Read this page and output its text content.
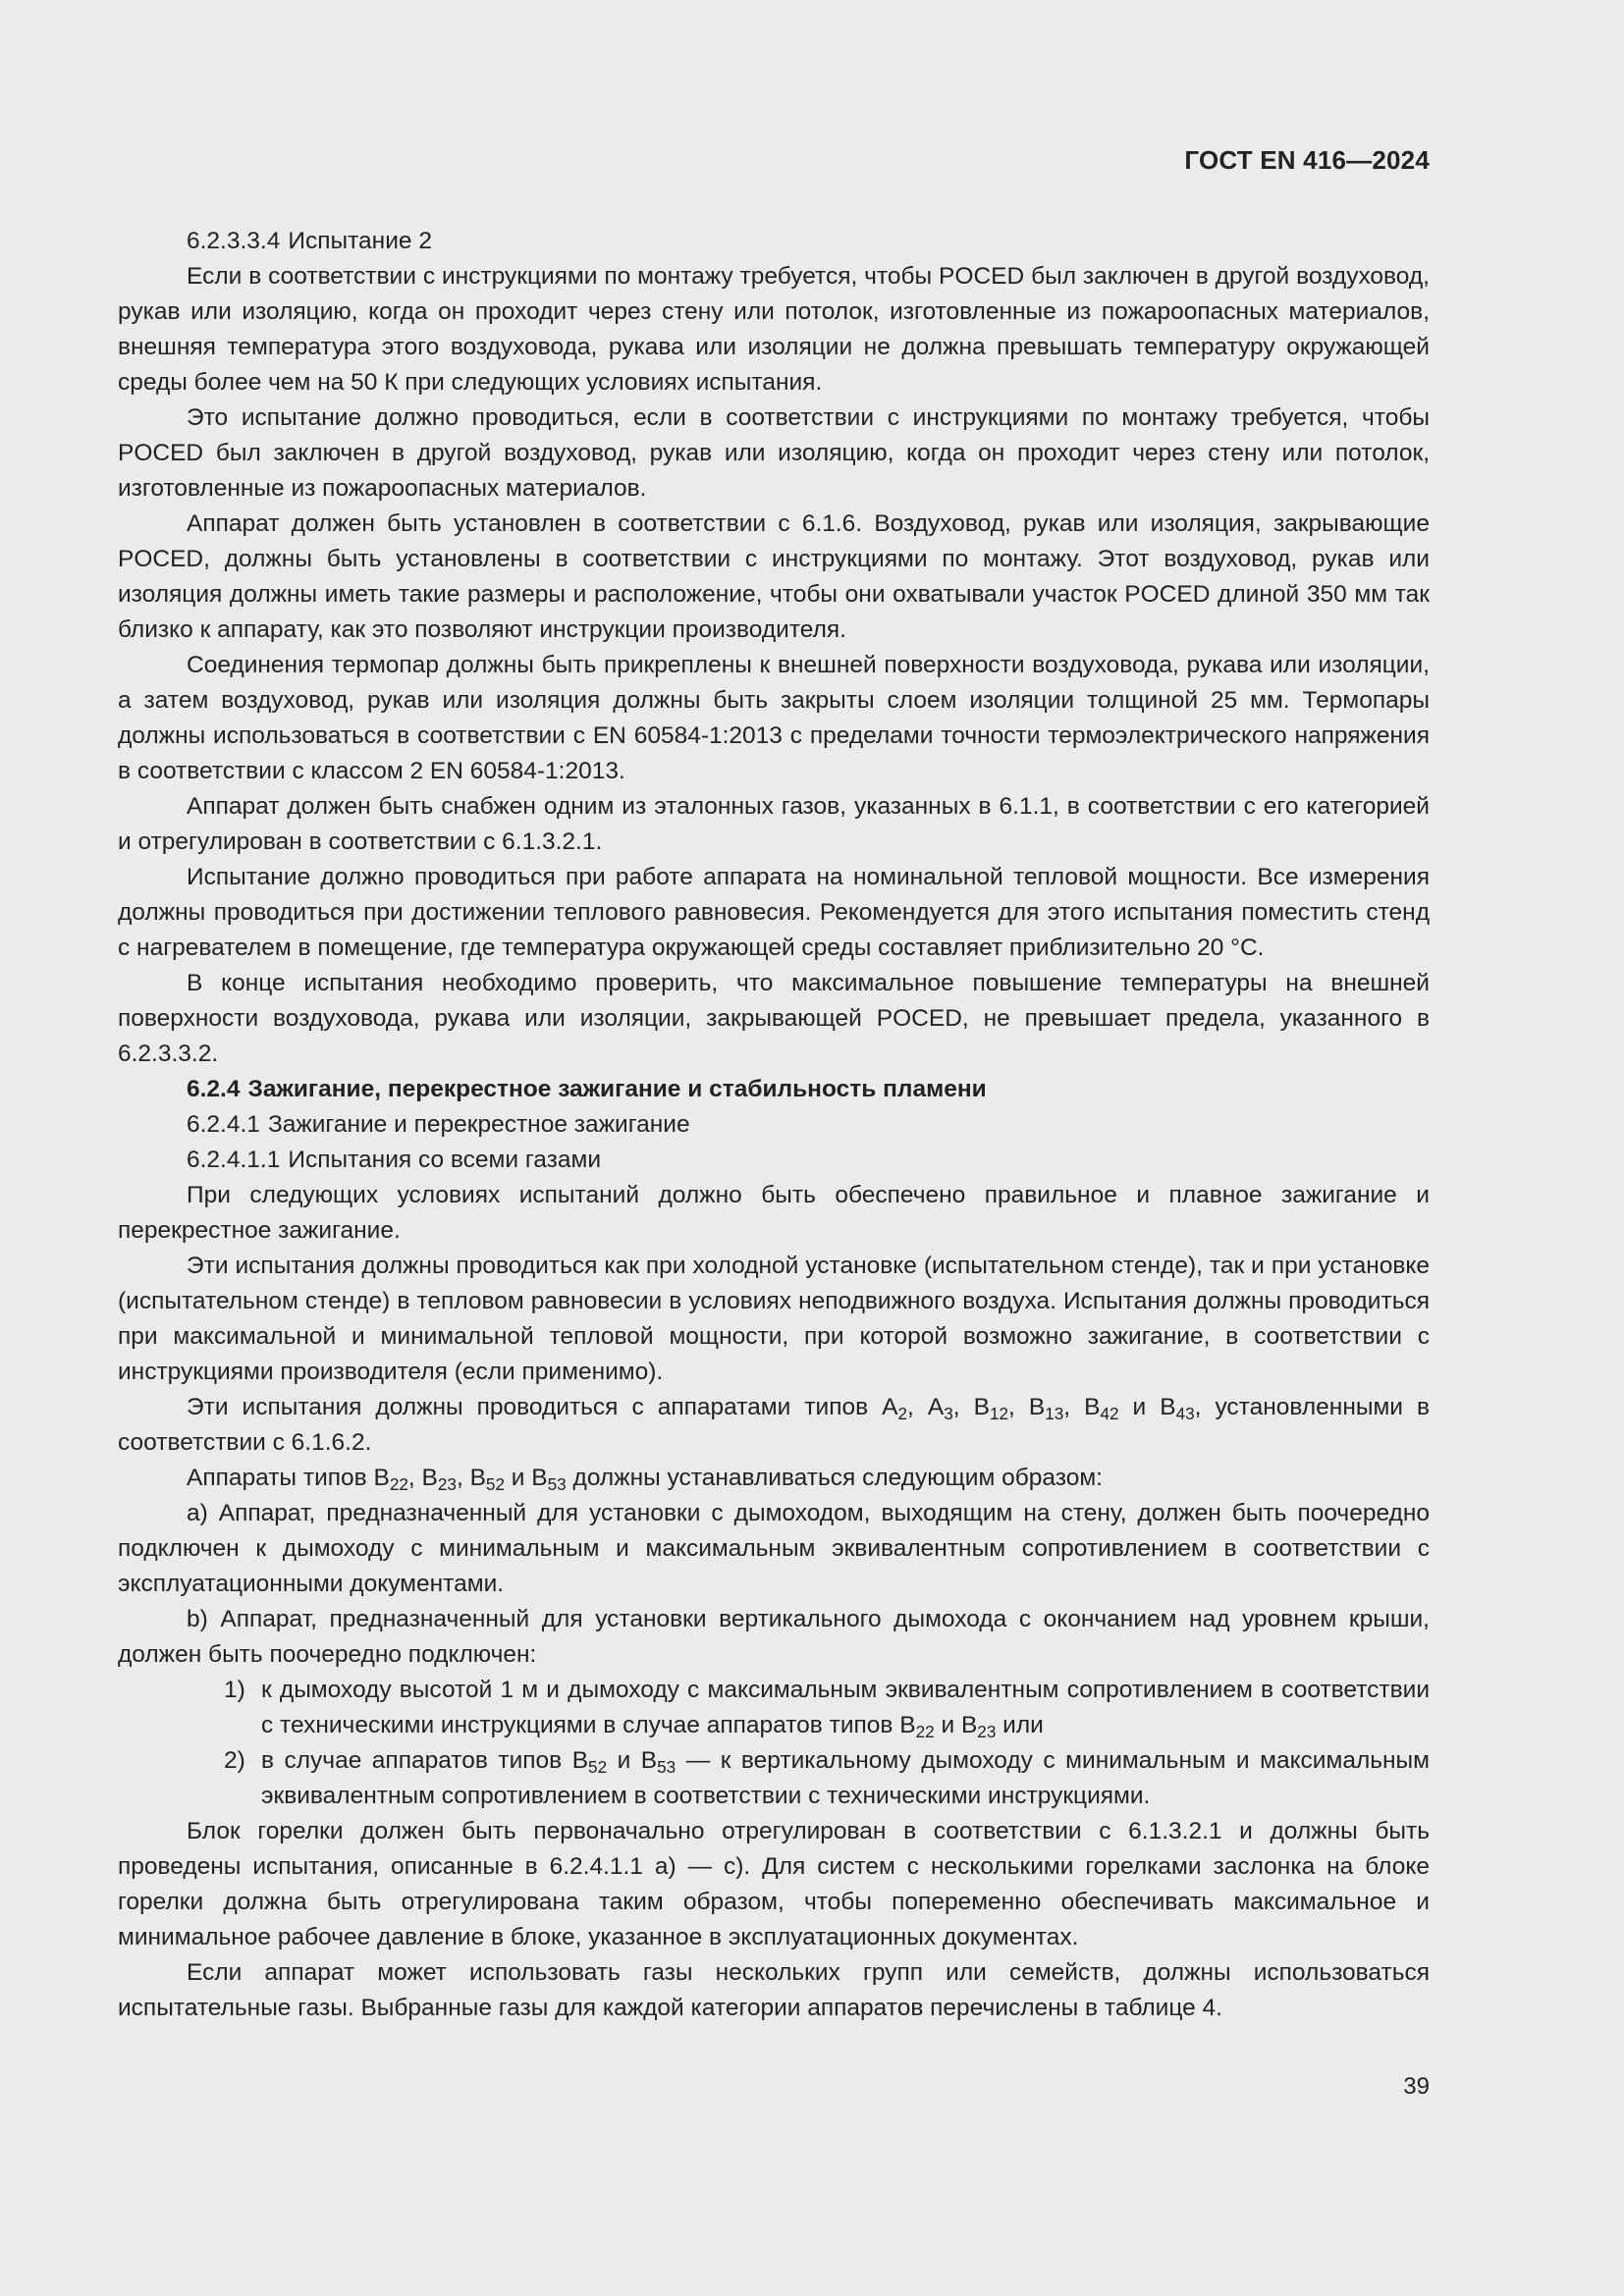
ГОСТ EN 416—2024

6.2.3.3.4 Испытание 2

Если в соответствии с инструкциями по монтажу требуется, чтобы POCED был заключен в другой воздуховод, рукав или изоляцию, когда он проходит через стену или потолок, изготовленные из пожароопасных материалов, внешняя температура этого воздуховода, рукава или изоляции не должна превышать температуру окружающей среды более чем на 50 К при следующих условиях испытания.

Это испытание должно проводиться, если в соответствии с инструкциями по монтажу требуется, чтобы POCED был заключен в другой воздуховод, рукав или изоляцию, когда он проходит через стену или потолок, изготовленные из пожароопасных материалов.

Аппарат должен быть установлен в соответствии с 6.1.6. Воздуховод, рукав или изоляция, закрывающие POCED, должны быть установлены в соответствии с инструкциями по монтажу. Этот воздуховод, рукав или изоляция должны иметь такие размеры и расположение, чтобы они охватывали участок POCED длиной 350 мм так близко к аппарату, как это позволяют инструкции производителя.

Соединения термопар должны быть прикреплены к внешней поверхности воздуховода, рукава или изоляции, а затем воздуховод, рукав или изоляция должны быть закрыты слоем изоляции толщиной 25 мм. Термопары должны использоваться в соответствии с EN 60584-1:2013 с пределами точности термоэлектрического напряжения в соответствии с классом 2 EN 60584-1:2013.

Аппарат должен быть снабжен одним из эталонных газов, указанных в 6.1.1, в соответствии с его категорией и отрегулирован в соответствии с 6.1.3.2.1.

Испытание должно проводиться при работе аппарата на номинальной тепловой мощности. Все измерения должны проводиться при достижении теплового равновесия. Рекомендуется для этого испытания поместить стенд с нагревателем в помещение, где температура окружающей среды составляет приблизительно 20 °С.

В конце испытания необходимо проверить, что максимальное повышение температуры на внешней поверхности воздуховода, рукава или изоляции, закрывающей POCED, не превышает предела, указанного в 6.2.3.3.2.

6.2.4 Зажигание, перекрестное зажигание и стабильность пламени

6.2.4.1 Зажигание и перекрестное зажигание

6.2.4.1.1 Испытания со всеми газами

При следующих условиях испытаний должно быть обеспечено правильное и плавное зажигание и перекрестное зажигание.

Эти испытания должны проводиться как при холодной установке (испытательном стенде), так и при установке (испытательном стенде) в тепловом равновесии в условиях неподвижного воздуха. Испытания должны проводиться при максимальной и минимальной тепловой мощности, при которой возможно зажигание, в соответствии с инструкциями производителя (если применимо).

Эти испытания должны проводиться с аппаратами типов $А_2$, $А_3$, $В_{12}$, $В_{13}$, $В_{42}$ и $В_{43}$, установленными в соответствии с 6.1.6.2.

Аппараты типов $В_{22}$, $В_{23}$, $В_{52}$ и $В_{53}$ должны устанавливаться следующим образом:

a) Аппарат, предназначенный для установки с дымоходом, выходящим на стену, должен быть поочередно подключен к дымоходу с минимальным и максимальным эквивалентным сопротивлением в соответствии с эксплуатационными документами.

b) Аппарат, предназначенный для установки вертикального дымохода с окончанием над уровнем крыши, должен быть поочередно подключен:

1) к дымоходу высотой 1 м и дымоходу с максимальным эквивалентным сопротивлением в соответствии с техническими инструкциями в случае аппаратов типов $В_{22}$ и $В_{23}$ или
2) в случае аппаратов типов $В_{52}$ и $В_{53}$ — к вертикальному дымоходу с минимальным и максимальным эквивалентным сопротивлением в соответствии с техническими инструкциями.

Блок горелки должен быть первоначально отрегулирован в соответствии с 6.1.3.2.1 и должны быть проведены испытания, описанные в 6.2.4.1.1 a) — c). Для систем с несколькими горелками заслонка на блоке горелки должна быть отрегулирована таким образом, чтобы попеременно обеспечивать максимальное и минимальное рабочее давление в блоке, указанное в эксплуатационных документах.

Если аппарат может использовать газы нескольких групп или семейств, должны использоваться испытательные газы. Выбранные газы для каждой категории аппаратов перечислены в таблице 4.

39
